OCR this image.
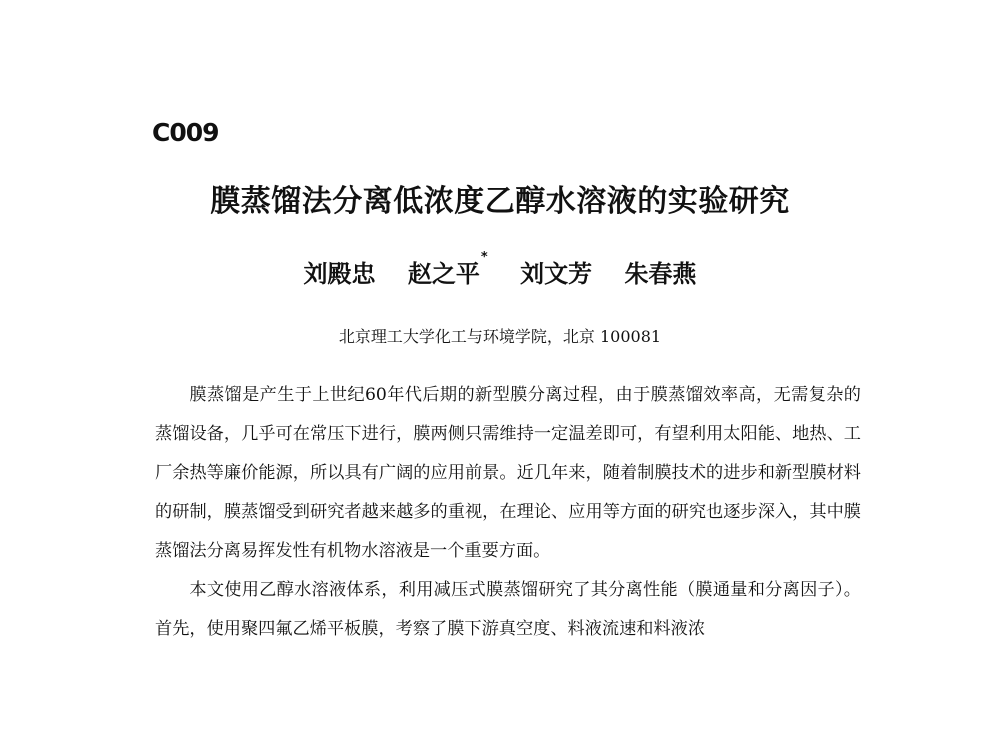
C009
膜蒸馏法分离低浓度乙醇水溶液的实验研究
刘殿忠 赵之平* 刘文芳 朱春燕
北京理工大学化工与环境学院，北京 100081

膜蒸馏是产生于上世纪60年代后期的新型膜分离过程，由于膜蒸馏效率高，无需复杂的蒸馏设备，几乎可在常压下进行，膜两侧只需维持一定温差即可，有望利用太阳能、地热、工厂余热等廉价能源，所以具有广阔的应用前景。近几年来，随着制膜技术的进步和新型膜材料的研制，膜蒸馏受到研究者越来越多的重视，在理论、应用等方面的研究也逐步深入，其中膜蒸馏法分离易挥发性有机物水溶液是一个重要方面。

本文使用乙醇水溶液体系，利用减压式膜蒸馏研究了其分离性能（膜通量和分离因子）。首先，使用聚四氟乙烯平板膜，考察了膜下游真空度、料液流速和料液浓
